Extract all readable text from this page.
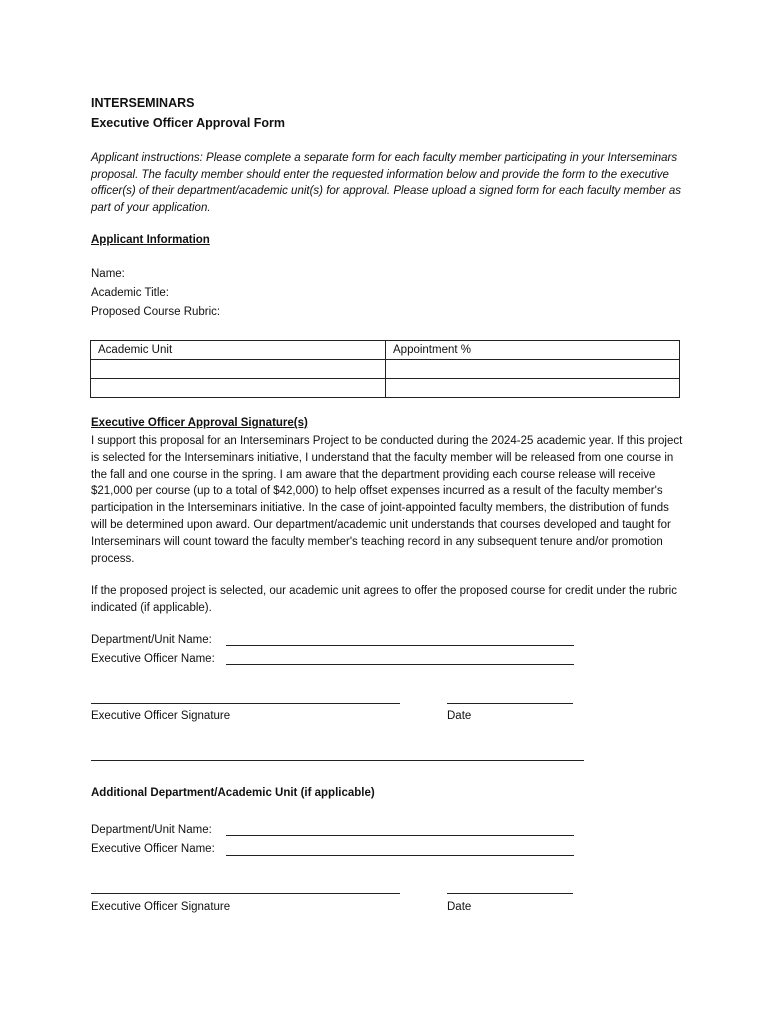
INTERSEMINARS
Executive Officer Approval Form
Applicant instructions: Please complete a separate form for each faculty member participating in your Interseminars proposal. The faculty member should enter the requested information below and provide the form to the executive officer(s) of their department/academic unit(s) for approval. Please upload a signed form for each faculty member as part of your application.
Applicant Information
Name:
Academic Title:
Proposed Course Rubric:
Academic Unit	Appointment %

Executive Officer Approval Signature(s)
I support this proposal for an Interseminars Project to be conducted during the 2024-25 academic year. If this project is selected for the Interseminars initiative, I understand that the faculty member will be released from one course in the fall and one course in the spring. I am aware that the department providing each course release will receive $21,000 per course (up to a total of $42,000) to help offset expenses incurred as a result of the faculty member's participation in the Interseminars initiative. In the case of joint-appointed faculty members, the distribution of funds will be determined upon award. Our department/academic unit understands that courses developed and taught for Interseminars will count toward the faculty member's teaching record in any subsequent tenure and/or promotion process.
If the proposed project is selected, our academic unit agrees to offer the proposed course for credit under the rubric indicated (if applicable).
Department/Unit Name:
Executive Officer Name:
Executive Officer Signature	Date
Additional Department/Academic Unit (if applicable)
Department/Unit Name:
Executive Officer Name:
Executive Officer Signature	Date
